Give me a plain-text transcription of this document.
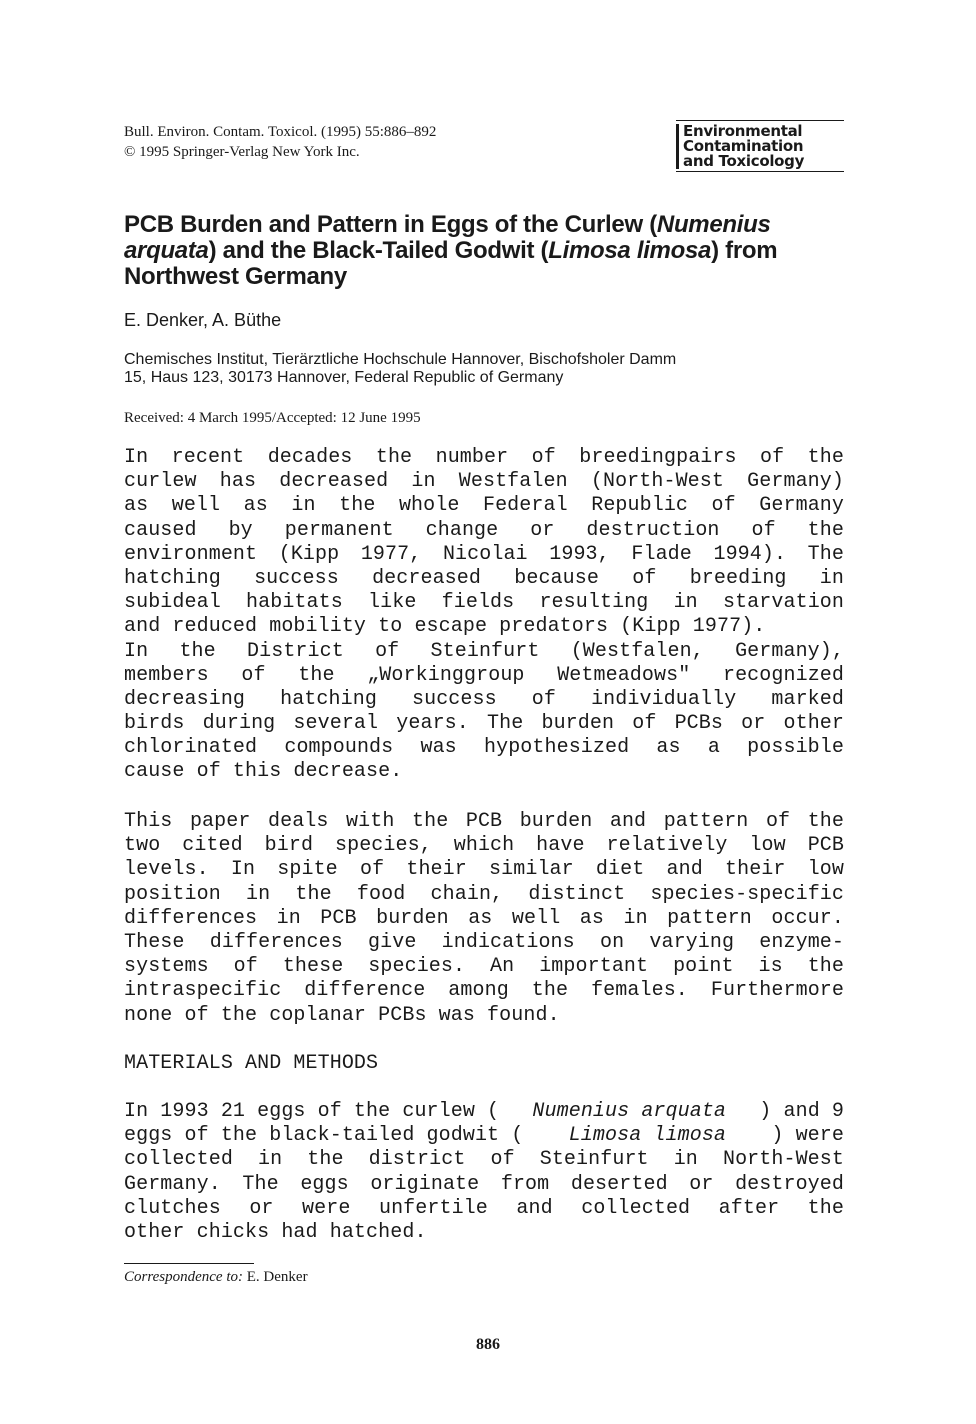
Bull. Environ. Contam. Toxicol. (1995) 55:886–892
© 1995 Springer-Verlag New York Inc.
Environmental
Contamination
and Toxicology
PCB Burden and Pattern in Eggs of the Curlew (Numenius arquata) and the Black-Tailed Godwit (Limosa limosa) from Northwest Germany
E. Denker, A. Büthe
Chemisches Institut, Tierärztliche Hochschule Hannover, Bischofsholer Damm
15, Haus 123, 30173 Hannover, Federal Republic of Germany
Received: 4 March 1995/Accepted: 12 June 1995
In recent decades the number of breedingpairs of the
curlew has decreased in Westfalen (North-West Germany)
as well as in the whole Federal Republic of Germany
caused by permanent change or destruction of the
environment (Kipp 1977, Nicolai 1993, Flade 1994). The
hatching success decreased because of breeding in
subideal habitats like fields resulting in starvation
and reduced mobility to escape predators (Kipp 1977).
In the District of Steinfurt (Westfalen, Germany),
members of the „Workinggroup Wetmeadows" recognized
decreasing hatching success of individually marked
birds during several years. The burden of PCBs or other
chlorinated compounds was hypothesized as a possible
cause of this decrease.
This paper deals with the PCB burden and pattern of the
two cited bird species, which have relatively low PCB
levels. In spite of their similar diet and their low
position in the food chain, distinct species-specific
differences in PCB burden as well as in pattern occur.
These differences give indications on varying enzyme-
systems of these species. An important point is the
intraspecific difference among the females. Furthermore
none of the coplanar PCBs was found.
MATERIALS AND METHODS
In 1993 21 eggs of the curlew ( Numenius arquata ) and 9
eggs of the black-tailed godwit ( Limosa limosa ) were
collected in the district of Steinfurt in North-West
Germany. The eggs originate from deserted or destroyed
clutches or were unfertile and collected after the
other chicks had hatched.
Correspondence to: E. Denker
886
